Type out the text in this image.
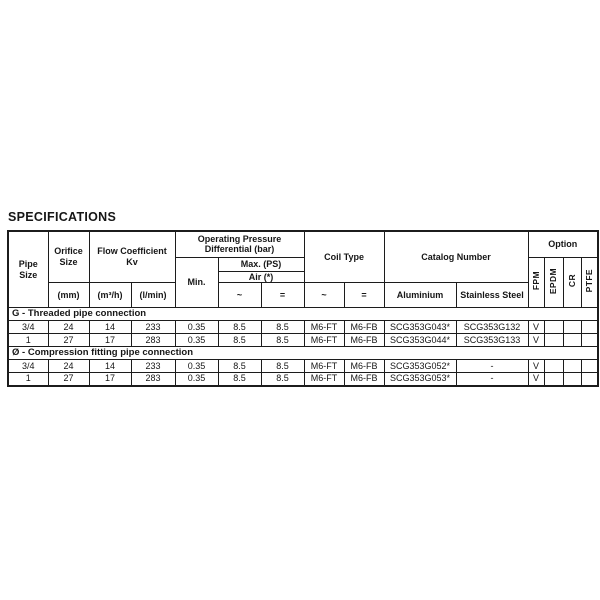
SPECIFICATIONS
Pipe Size	Orifice Size	Flow Coefficient Kv		Operating Pressure Differential (bar)			Coil Type		Catalog Number		Option			
				Min.	Max. (PS)						FPM	EPDM	CR	PTFE
					Air (*)									
	(mm)	(m³/h)	(l/min)		~	=	~	=	Aluminium	Stainless Steel				
G - Threaded pipe connection														
3/4	24	14	233	0.35	8.5	8.5	M6-FT	M6-FB	SCG353G043*	SCG353G132	V			
1	27	17	283	0.35	8.5	8.5	M6-FT	M6-FB	SCG353G044*	SCG353G133	V			
Ø - Compression fitting pipe connection														
3/4	24	14	233	0.35	8.5	8.5	M6-FT	M6-FB	SCG353G052*	-	V			
1	27	17	283	0.35	8.5	8.5	M6-FT	M6-FB	SCG353G053*	-	V			
